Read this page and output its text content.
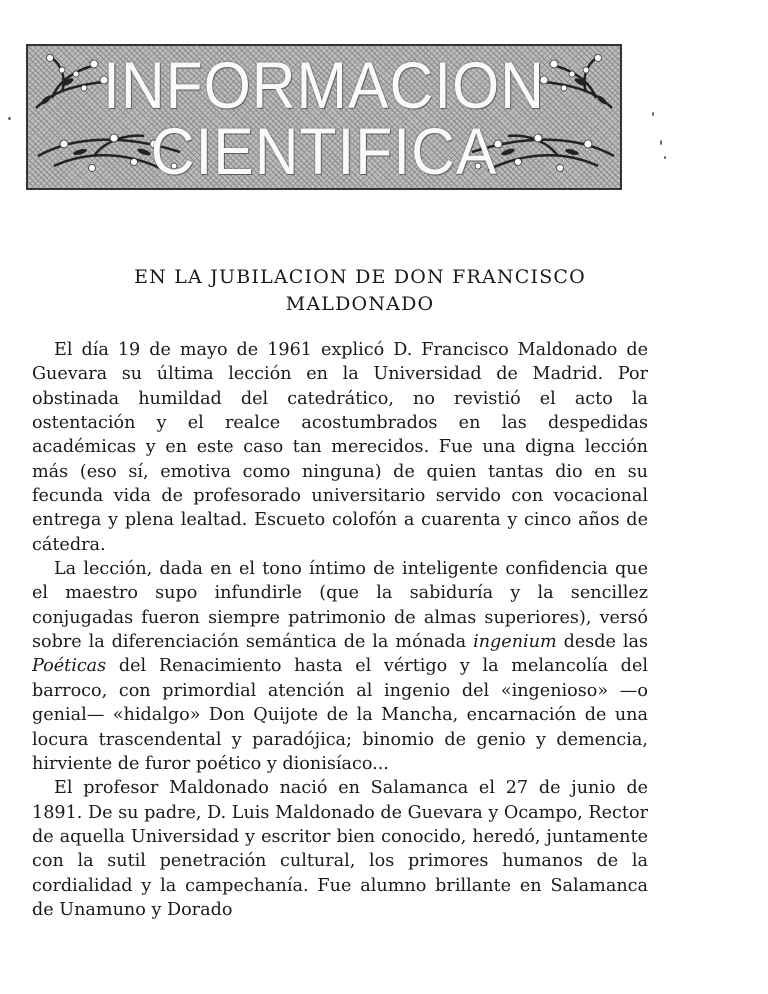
INFORMACION
CIENTIFICA
EN LA JUBILACION DE DON FRANCISCO MALDONADO

El día 19 de mayo de 1961 explicó D. Francisco Maldonado de Guevara su última lección en la Universidad de Madrid. Por obstinada humildad del catedrático, no revistió el acto la ostentación y el realce acostumbrados en las despedidas académicas y en este caso tan merecidos. Fue una digna lección más (eso sí, emotiva como ninguna) de quien tantas dio en su fecunda vida de profesorado universitario servido con vocacional entrega y plena lealtad. Escueto colofón a cuarenta y cinco años de cátedra.

La lección, dada en el tono íntimo de inteligente confidencia que el maestro supo infundirle (que la sabiduría y la sencillez conjugadas fueron siempre patrimonio de almas superiores), versó sobre la diferenciación semántica de la mónada ingenium desde las Poéticas del Renacimiento hasta el vértigo y la melancolía del barroco, con primordial atención al ingenio del «ingenioso» —o genial— «hidalgo» Don Quijote de la Mancha, encarnación de una locura trascendental y paradójica; binomio de genio y demencia, hirviente de furor poético y dionisíaco...

El profesor Maldonado nació en Salamanca el 27 de junio de 1891. De su padre, D. Luis Maldonado de Guevara y Ocampo, Rector de aquella Universidad y escritor bien conocido, heredó, juntamente con la sutil penetración cultural, los primores humanos de la cordialidad y la campechanía. Fue alumno brillante en Salamanca de Unamuno y Dorado
